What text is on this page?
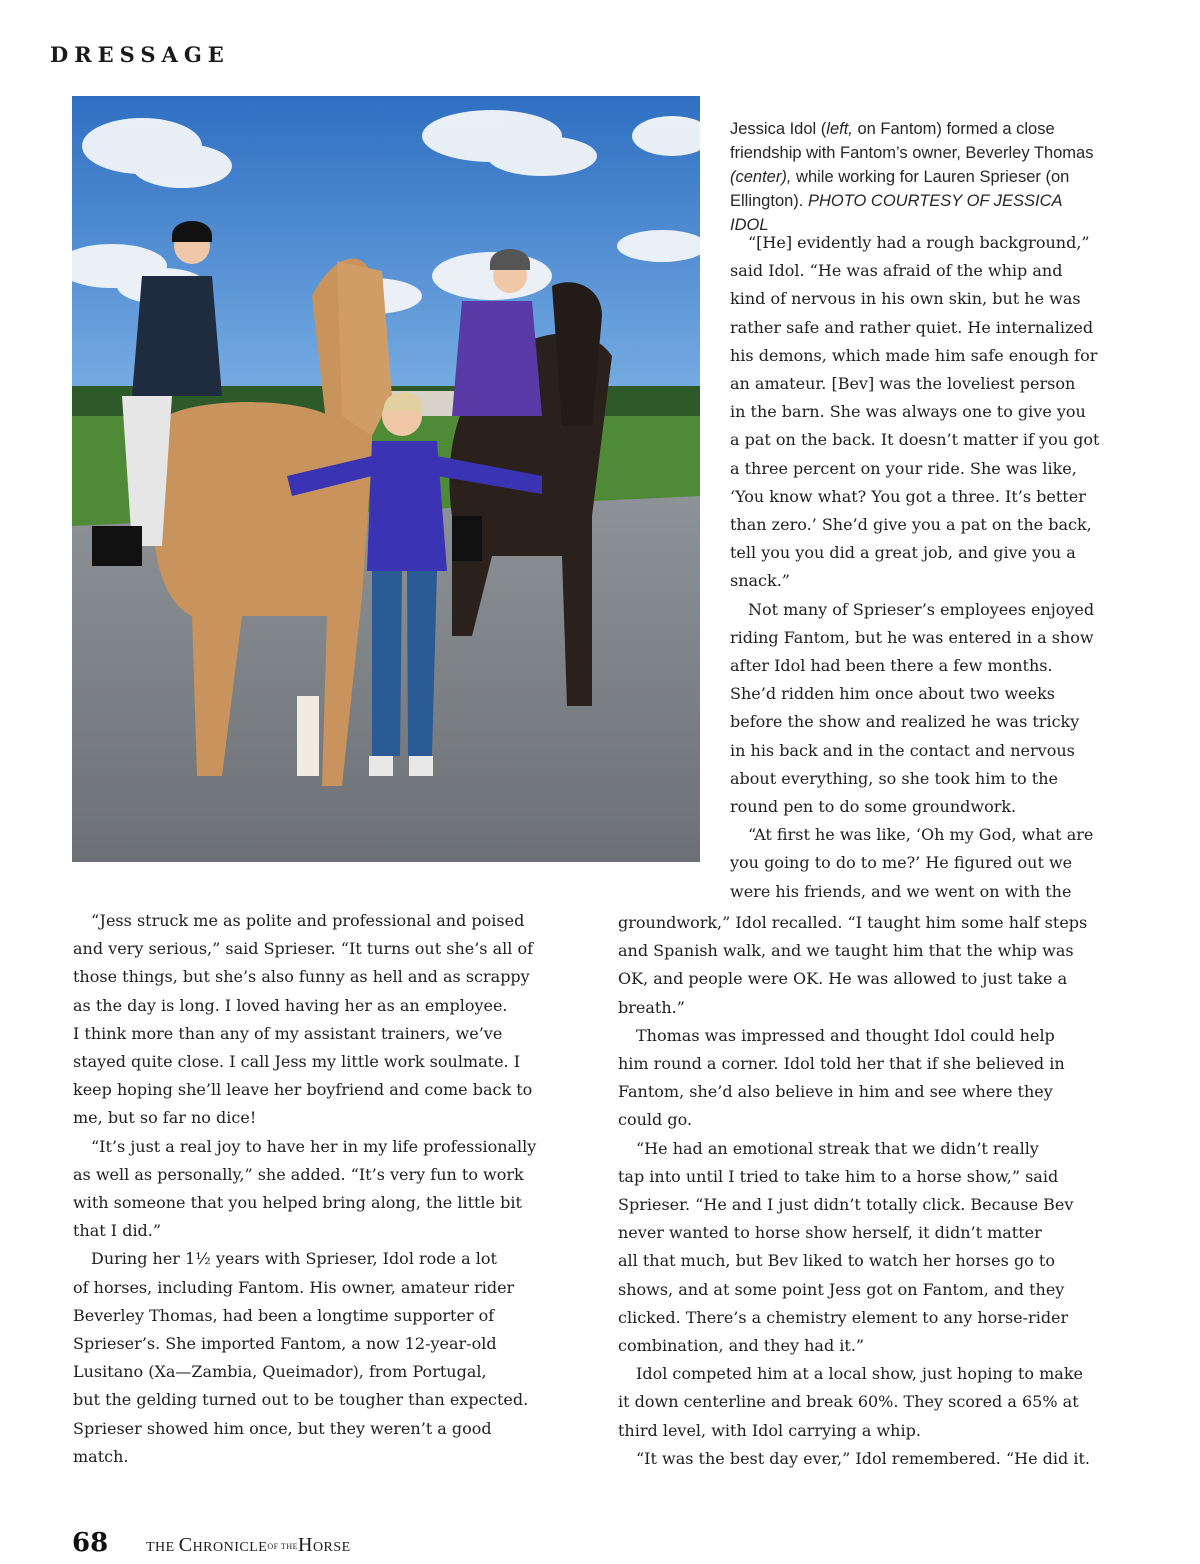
DRESSAGE
Jessica Idol (left, on Fantom) formed a close
friendship with Fantom’s owner, Beverley Thomas
(center), while working for Lauren Sprieser (on
Ellington). PHOTO COURTESY OF JESSICA IDOL

“[He] evidently had a rough background,”
said Idol. “He was afraid of the whip and
kind of nervous in his own skin, but he was
rather safe and rather quiet. He internalized
his demons, which made him safe enough for
an amateur. [Bev] was the loveliest person
in the barn. She was always one to give you
a pat on the back. It doesn’t matter if you got
a three percent on your ride. She was like,
‘You know what? You got a three. It’s better
than zero.’ She’d give you a pat on the back,
tell you you did a great job, and give you a
snack.”

Not many of Sprieser’s employees enjoyed
riding Fantom, but he was entered in a show
after Idol had been there a few months.
She’d ridden him once about two weeks
before the show and realized he was tricky
in his back and in the contact and nervous
about everything, so she took him to the
round pen to do some groundwork.

“At first he was like, ‘Oh my God, what are
you going to do to me?’ He figured out we
were his friends, and we went on with the

“Jess struck me as polite and professional and poised
and very serious,” said Sprieser. “It turns out she’s all of
those things, but she’s also funny as hell and as scrappy
as the day is long. I loved having her as an employee.
I think more than any of my assistant trainers, we’ve
stayed quite close. I call Jess my little work soulmate. I
keep hoping she’ll leave her boyfriend and come back to
me, but so far no dice!

“It’s just a real joy to have her in my life professionally
as well as personally,” she added. “It’s very fun to work
with someone that you helped bring along, the little bit
that I did.”

During her 1½ years with Sprieser, Idol rode a lot
of horses, including Fantom. His owner, amateur rider
Beverley Thomas, had been a longtime supporter of
Sprieser’s. She imported Fantom, a now 12-year-old
Lusitano (Xa—Zambia, Queimador), from Portugal,
but the gelding turned out to be tougher than expected.
Sprieser showed him once, but they weren’t a good
match.

groundwork,” Idol recalled. “I taught him some half steps
and Spanish walk, and we taught him that the whip was
OK, and people were OK. He was allowed to just take a
breath.”

Thomas was impressed and thought Idol could help
him round a corner. Idol told her that if she believed in
Fantom, she’d also believe in him and see where they
could go.

“He had an emotional streak that we didn’t really
tap into until I tried to take him to a horse show,” said
Sprieser. “He and I just didn’t totally click. Because Bev
never wanted to horse show herself, it didn’t matter
all that much, but Bev liked to watch her horses go to
shows, and at some point Jess got on Fantom, and they
clicked. There’s a chemistry element to any horse-rider
combination, and they had it.”

Idol competed him at a local show, just hoping to make
it down centerline and break 60%. They scored a 65% at
third level, with Idol carrying a whip.

“It was the best day ever,” Idol remembered. “He did it.

68	THE CHRONICLEOF THEHORSE
